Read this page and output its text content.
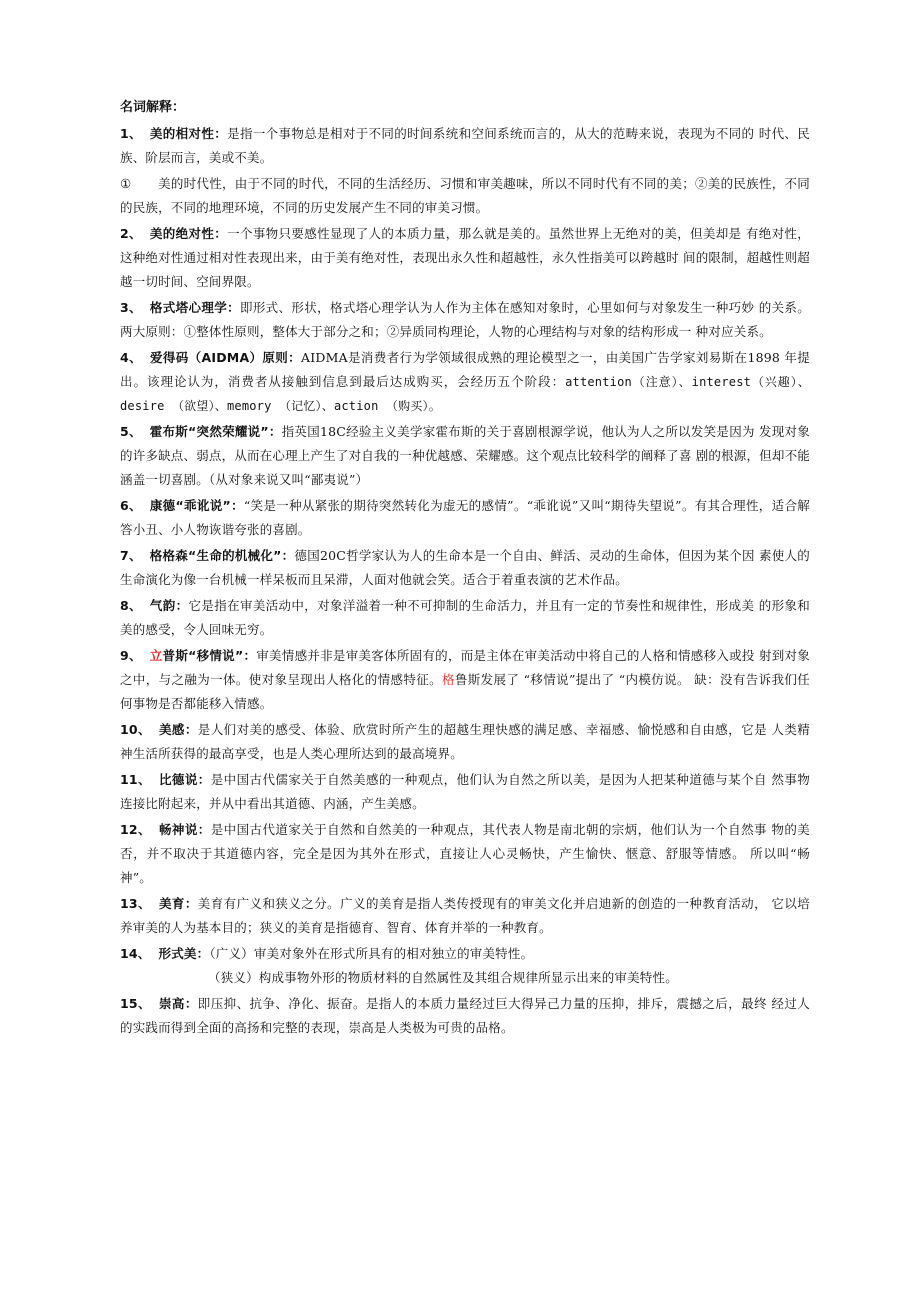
名词解释：

1、 美的相对性：是指一个事物总是相对于不同的时间系统和空间系统而言的，从大的范畴来说，表现为不同的 时代、民族、阶层而言，美或不美。

① 美的时代性，由于不同的时代，不同的生活经历、习惯和审美趣味，所以不同时代有不同的美；②美的民族性，不同的民族，不同的地理环境，不同的历史发展产生不同的审美习惯。

2、 美的绝对性：一个事物只要感性显现了人的本质力量，那么就是美的。虽然世界上无绝对的美，但美却是 有绝对性，这种绝对性通过相对性表现出来，由于美有绝对性，表现出永久性和超越性，永久性指美可以跨越时 间的限制，超越性则超越一切时间、空间界限。

3、 格式塔心理学：即形式、形状，格式塔心理学认为人作为主体在感知对象时，心里如何与对象发生一种巧妙 的关系。两大原则：①整体性原则，整体大于部分之和；②异质同构理论，人物的心理结构与对象的结构形成一 种对应关系。

4、 爱得码（AIDMA）原则：AIDMA是消费者行为学领域很成熟的理论模型之一，由美国广告学家刘易斯在1898 年提出。该理论认为，消费者从接触到信息到最后达成购买，会经历五个阶段：attention（注意）、interest（兴趣）、desire （欲望）、memory （记忆）、action （购买）。

5、 霍布斯“突然荣耀说”：指英国18C经验主义美学家霍布斯的关于喜剧根源学说，他认为人之所以发笑是因为 发现对象的许多缺点、弱点，从而在心理上产生了对自我的一种优越感、荣耀感。这个观点比较科学的阐释了喜 剧的根源，但却不能涵盖一切喜剧。（从对象来说又叫“鄙夷说”）

6、 康德“乖讹说”：“笑是一种从紧张的期待突然转化为虚无的感情”。“乖讹说”又叫“期待失望说”。有其合理性，适合解答小丑、小人物诙谐夸张的喜剧。

7、 格格森“生命的机械化”：德国20C哲学家认为人的生命本是一个自由、鲜活、灵动的生命体，但因为某个因 素使人的生命演化为像一台机械一样呆板而且呆滞，人面对他就会笑。适合于着重表演的艺术作品。

8、 气韵：它是指在审美活动中，对象洋溢着一种不可抑制的生命活力，并且有一定的节奏性和规律性，形成美 的形象和美的感受，令人回味无穷。

9、 立普斯“移情说”：审美情感并非是审美客体所固有的，而是主体在审美活动中将自己的人格和情感移入或投 射到对象之中，与之融为一体。使对象呈现出人格化的情感特征。格鲁斯发展了 “移情说”提出了 “内模仿说。 缺：没有告诉我们任何事物是否都能移入情感。

10、 美感：是人们对美的感受、体验、欣赏时所产生的超越生理快感的满足感、幸福感、愉悦感和自由感，它是 人类精神生活所获得的最高享受，也是人类心理所达到的最高境界。

11、 比德说：是中国古代儒家关于自然美感的一种观点，他们认为自然之所以美，是因为人把某种道德与某个自 然事物连接比附起来，并从中看出其道德、内涵，产生美感。

12、 畅神说：是中国古代道家关于自然和自然美的一种观点，其代表人物是南北朝的宗炳，他们认为一个自然事 物的美否，并不取决于其道德内容，完全是因为其外在形式，直接让人心灵畅快，产生愉快、惬意、舒服等情感。 所以叫“畅神”。

13、 美育：美育有广义和狭义之分。广义的美育是指人类传授现有的审美文化并启迪新的创造的一种教育活动， 它以培养审美的人为基本目的；狭义的美育是指德育、智育、体育并举的一种教育。

14、 形式美：（广义）审美对象外在形式所具有的相对独立的审美特性。

（狭义）构成事物外形的物质材料的自然属性及其组合规律所显示出来的审美特性。

15、 崇高：即压抑、抗争、净化、振奋。是指人的本质力量经过巨大得异己力量的压抑，排斥，震撼之后，最终 经过人的实践而得到全面的高扬和完整的表现，崇高是人类极为可贵的品格。
